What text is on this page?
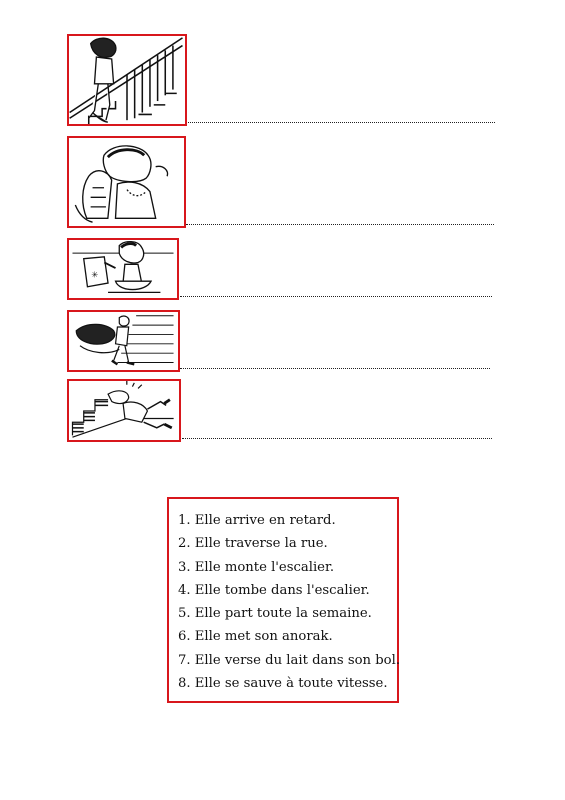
✳
1. Elle arrive en retard.
2. Elle traverse la rue.
3. Elle monte l'escalier.
4. Elle tombe dans l'escalier.
5. Elle part toute la semaine.
6. Elle met son anorak.
7. Elle verse du lait dans son bol.
8. Elle se sauve à toute vitesse.
